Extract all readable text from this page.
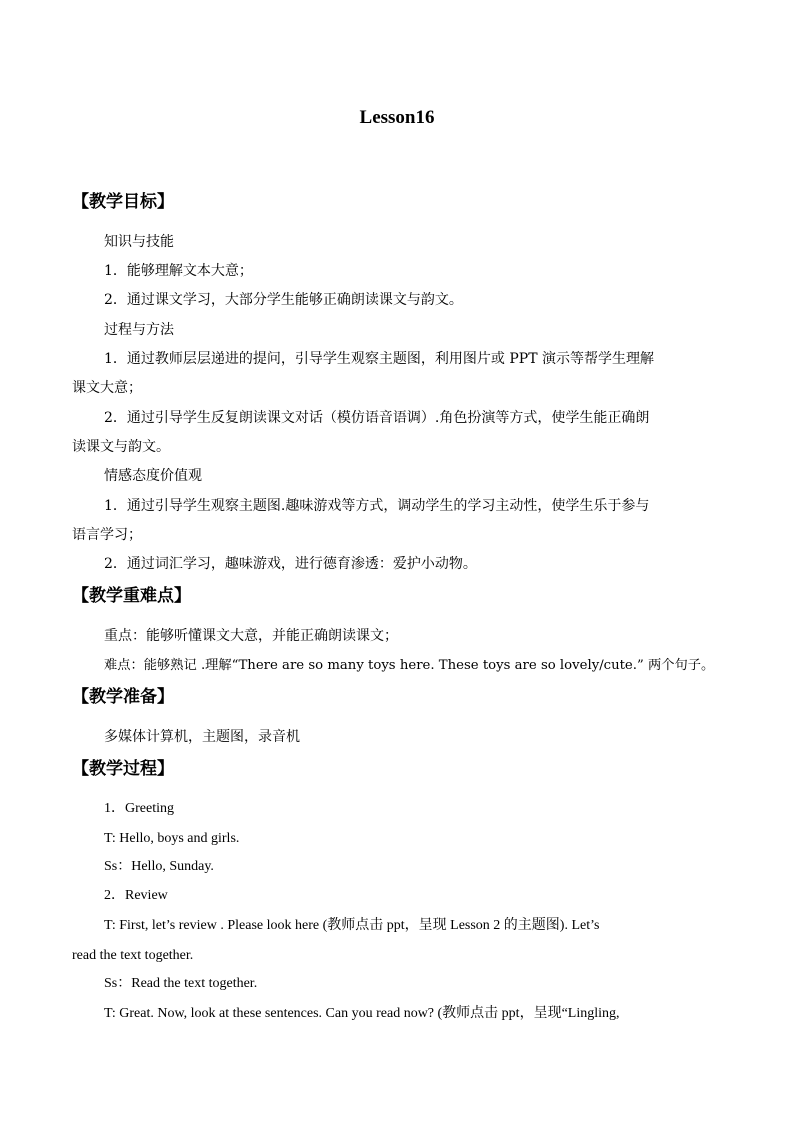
Lesson16
【教学目标】
知识与技能
1．能够理解文本大意；
2．通过课文学习，大部分学生能够正确朗读课文与韵文。
过程与方法
1．通过教师层层递进的提问，引导学生观察主题图，利用图片或 PPT 演示等帮学生理解
课文大意；
2．通过引导学生反复朗读课文对话（模仿语音语调）.角色扮演等方式，使学生能正确朗
读课文与韵文。
情感态度价值观
1．通过引导学生观察主题图.趣味游戏等方式，调动学生的学习主动性，使学生乐于参与
语言学习；
2．通过词汇学习，趣味游戏，进行德育渗透：爱护小动物。
【教学重难点】
重点：能够听懂课文大意，并能正确朗读课文；
难点：能够熟记 .理解“There are so many toys here. These toys are so lovely/cute.” 两个句子。
【教学准备】
多媒体计算机，主题图，录音机
【教学过程】
1．Greeting
T: Hello, boys and girls.
Ss：Hello, Sunday.
2．Review
T: First, let’s review . Please look here (教师点击 ppt，呈现 Lesson 2 的主题图). Let’s
read the text together.
Ss：Read the text together.
T: Great. Now, look at these sentences. Can you read now? (教师点击 ppt，呈现“Lingling,
